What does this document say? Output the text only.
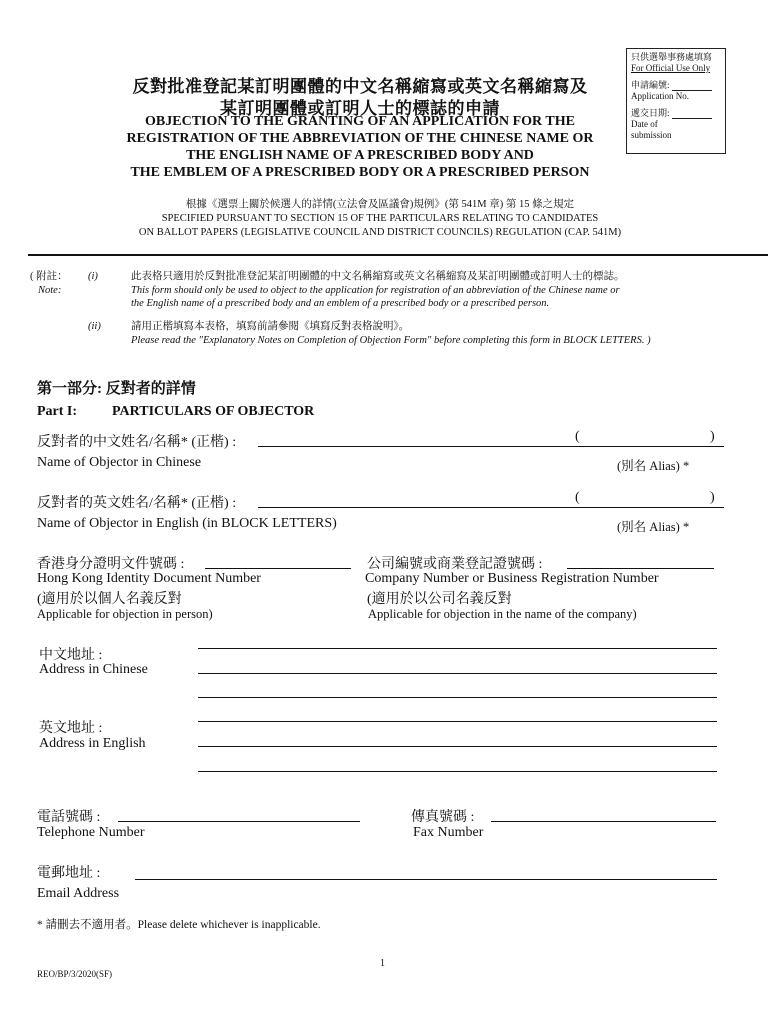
只供選舉事務處填寫
For Official Use Only
申請編號:
Application No.
遞交日期:
Date of
submission
反對批准登記某訂明團體的中文名稱縮寫或英文名稱縮寫及
某訂明團體或訂明人士的標誌的申請
OBJECTION TO THE GRANTING OF AN APPLICATION FOR THE
REGISTRATION OF THE ABBREVIATION OF THE CHINESE NAME OR
THE ENGLISH NAME OF A PRESCRIBED BODY AND
THE EMBLEM OF A PRESCRIBED BODY OR A PRESCRIBED PERSON
根據《選票上關於候選人的詳情(立法會及區議會)規例》(第 541M 章) 第 15 條之規定
SPECIFIED PURSUANT TO SECTION 15 OF THE PARTICULARS RELATING TO CANDIDATES
ON BALLOT PAPERS (LEGISLATIVE COUNCIL AND DISTRICT COUNCILS) REGULATION (CAP. 541M)
( 附註：
Note:
(i)	此表格只適用於反對批准登記某訂明團體的中文名稱縮寫或英文名稱縮寫及某訂明團體或訂明人士的標誌。
This form should only be used to object to the application for registration of an abbreviation of the Chinese name or
the English name of a prescribed body and an emblem of a prescribed body or a prescribed person.
(ii)	請用正楷填寫本表格，填寫前請參閱《填寫反對表格說明》。
Please read the "Explanatory Notes on Completion of Objection Form" before completing this form in BLOCK LETTERS. )
第一部分: 反對者的詳情
Part I: PARTICULARS OF OBJECTOR
反對者的中文姓名/名稱* (正楷) :	(	)
Name of Objector in Chinese	(別名 Alias) *
反對者的英文姓名/名稱* (正楷) :	(	)
Name of Objector in English (in BLOCK LETTERS)	(別名 Alias) *
香港身分證明文件號碼 :
Hong Kong Identity Document Number
(適用於以個人名義反對
Applicable for objection in person)
公司編號或商業登記證號碼 :
Company Number or Business Registration Number
(適用於以公司名義反對
Applicable for objection in the name of the company)
中文地址 :
Address in Chinese
英文地址 :
Address in English
電話號碼 :
Telephone Number
傳真號碼 :
Fax Number
電郵地址 :
Email Address
* 請刪去不適用者。Please delete whichever is inapplicable.
1
REO/BP/3/2020(SF)
